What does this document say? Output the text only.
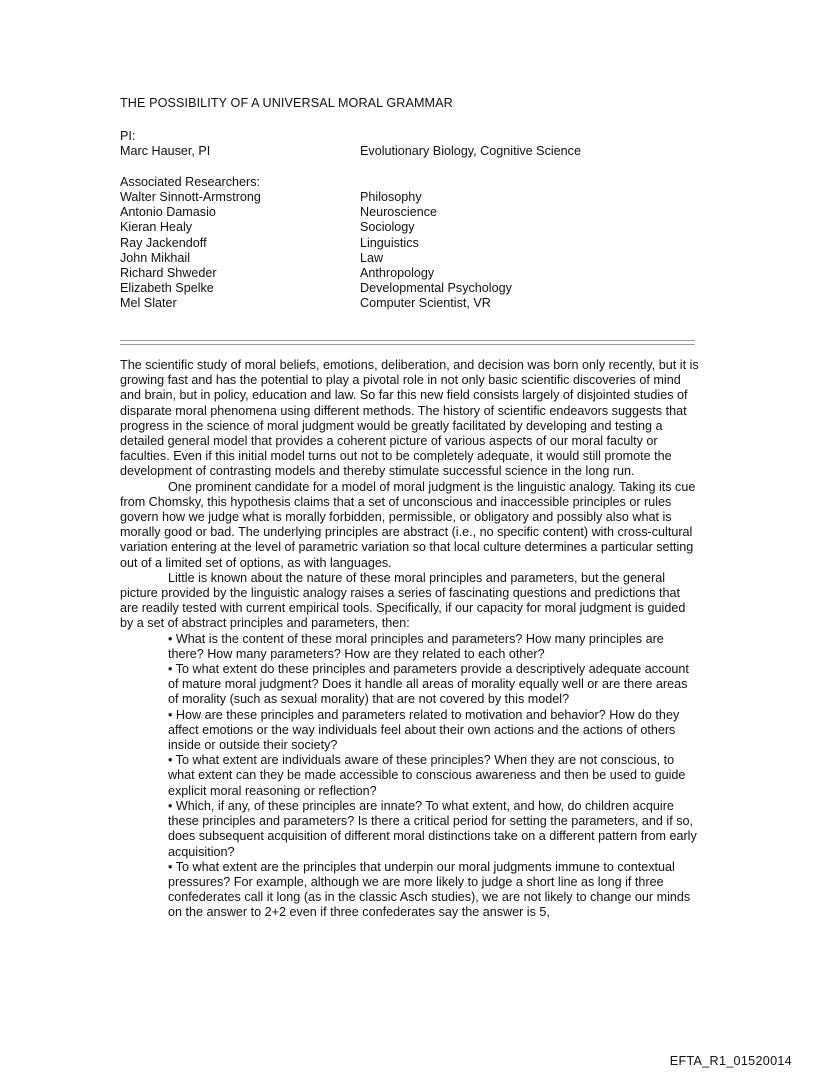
THE POSSIBILITY OF A UNIVERSAL MORAL GRAMMAR
PI:
Marc Hauser, PI	Evolutionary Biology, Cognitive Science
Associated Researchers:
Walter Sinnott-Armstrong	Philosophy
Antonio Damasio	Neuroscience
Kieran Healy	Sociology
Ray Jackendoff	Linguistics
John Mikhail	Law
Richard Shweder	Anthropology
Elizabeth Spelke	Developmental Psychology
Mel Slater	Computer Scientist, VR

The scientific study of moral beliefs, emotions, deliberation, and decision was born only recently, but it is growing fast and has the potential to play a pivotal role in not only basic scientific discoveries of mind and brain, but in policy, education and law. So far this new field consists largely of disjointed studies of disparate moral phenomena using different methods. The history of scientific endeavors suggests that progress in the science of moral judgment would be greatly facilitated by developing and testing a detailed general model that provides a coherent picture of various aspects of our moral faculty or faculties. Even if this initial model turns out not to be completely adequate, it would still promote the development of contrasting models and thereby stimulate successful science in the long run.

One prominent candidate for a model of moral judgment is the linguistic analogy. Taking its cue from Chomsky, this hypothesis claims that a set of unconscious and inaccessible principles or rules govern how we judge what is morally forbidden, permissible, or obligatory and possibly also what is morally good or bad. The underlying principles are abstract (i.e., no specific content) with cross-cultural variation entering at the level of parametric variation so that local culture determines a particular setting out of a limited set of options, as with languages.

Little is known about the nature of these moral principles and parameters, but the general picture provided by the linguistic analogy raises a series of fascinating questions and predictions that are readily tested with current empirical tools. Specifically, if our capacity for moral judgment is guided by a set of abstract principles and parameters, then:

• What is the content of these moral principles and parameters? How many principles are there? How many parameters? How are they related to each other?
• To what extent do these principles and parameters provide a descriptively adequate account of mature moral judgment? Does it handle all areas of morality equally well or are there areas of morality (such as sexual morality) that are not covered by this model?
• How are these principles and parameters related to motivation and behavior? How do they affect emotions or the way individuals feel about their own actions and the actions of others inside or outside their society?
• To what extent are individuals aware of these principles? When they are not conscious, to what extent can they be made accessible to conscious awareness and then be used to guide explicit moral reasoning or reflection?
• Which, if any, of these principles are innate? To what extent, and how, do children acquire these principles and parameters? Is there a critical period for setting the parameters, and if so, does subsequent acquisition of different moral distinctions take on a different pattern from early acquisition?
• To what extent are the principles that underpin our moral judgments immune to contextual pressures? For example, although we are more likely to judge a short line as long if three confederates call it long (as in the classic Asch studies), we are not likely to change our minds on the answer to 2+2 even if three confederates say the answer is 5,
EFTA_R1_01520014
